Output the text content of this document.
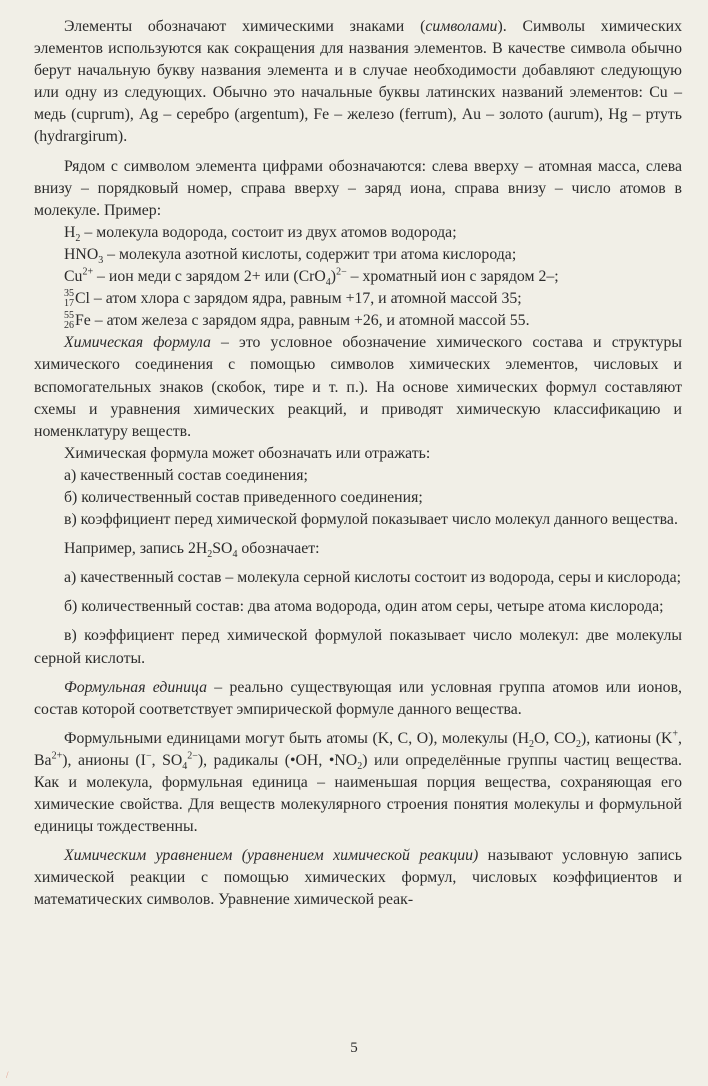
Элементы обозначают химическими знаками (символами). Символы химических элементов используются как сокращения для названия элементов. В качестве символа обычно берут начальную букву названия элемента и в случае необходимости добавляют следующую или одну из следующих. Обычно это начальные буквы латинских названий элементов: Cu – медь (cuprum), Ag – серебро (argentum), Fe – железо (ferrum), Au – золото (aurum), Hg – ртуть (hydrargirum).

Рядом с символом элемента цифрами обозначаются: слева вверху – атомная масса, слева внизу – порядковый номер, справа вверху – заряд иона, справа внизу – число атомов в молекуле. Пример:

$H_2$ – молекула водорода, состоит из двух атомов водорода;
$HNO_3$ – молекула азотной кислоты, содержит три атома кислорода;
$Cu^{2+}$ – ион меди с зарядом 2+ или $(CrO_4)^{2-}$ – хроматный ион с зарядом 2–;
35
17 Cl – атом хлора с зарядом ядра, равным +17, и атомной массой 35;
55
26 Fe – атом железа с зарядом ядра, равным +26, и атомной массой 55.

Химическая формула – это условное обозначение химического состава и структуры химического соединения с помощью символов химических элементов, числовых и вспомогательных знаков (скобок, тире и т. п.). На основе химических формул составляют схемы и уравнения химических реакций, и приводят химическую классификацию и номенклатуру веществ.

Химическая формула может обозначать или отражать:

а) качественный состав соединения;

б) количественный состав приведенного соединения;

в) коэффициент перед химической формулой показывает число молекул данного вещества.

Например, запись $2H_2SO_4$ обозначает:

а) качественный состав – молекула серной кислоты состоит из водорода, серы и кислорода;

б) количественный состав: два атома водорода, один атом серы, четыре атома кислорода;

в) коэффициент перед химической формулой показывает число молекул: две молекулы серной кислоты.

Формульная единица – реально существующая или условная группа атомов или ионов, состав которой соответствует эмпирической формуле данного вещества.

Формульными единицами могут быть атомы (K, C, O), молекулы ($H_2O$, $CO_2$), катионы (K+, $Ba^{2+}$), анионы (I−, $SO_4^{2-}$), радикалы (•OH, $•NO_2$) или определённые группы частиц вещества. Как и молекула, формульная единица – наименьшая порция вещества, сохраняющая его химические свойства. Для веществ молекулярного строения понятия молекулы и формульной единицы тождественны.

Химическим уравнением (уравнением химической реакции) называют условную запись химической реакции с помощью химических формул, числовых коэффициентов и математических символов. Уравнение химической реак-

5
/
